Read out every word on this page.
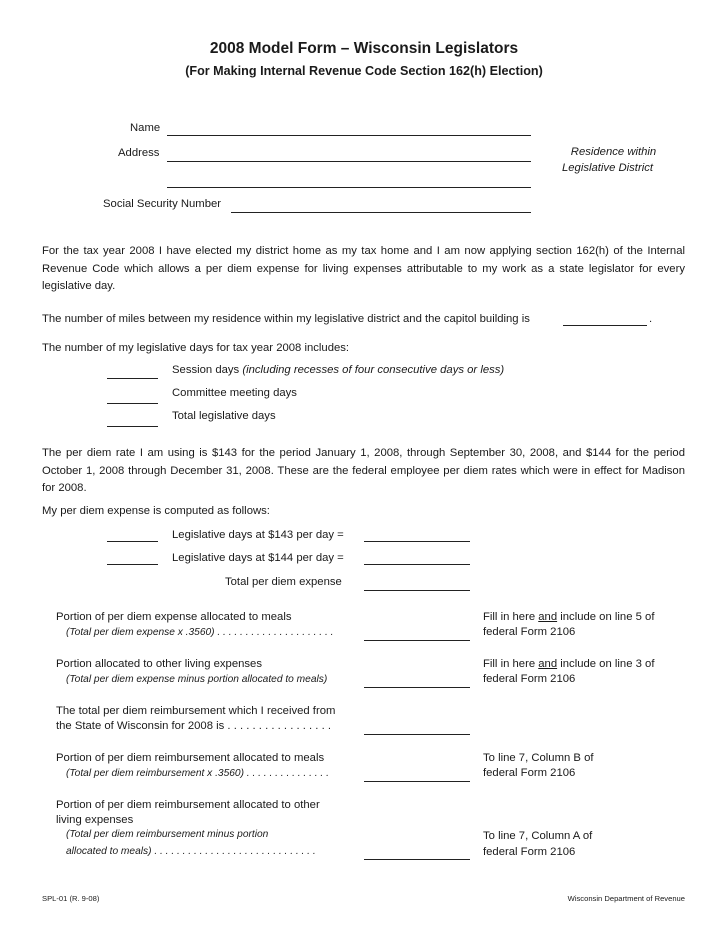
2008 Model Form – Wisconsin Legislators
(For Making Internal Revenue Code Section 162(h) Election)
Name
Address	Residence within
Legislative District
Social Security Number
For the tax year 2008 I have elected my district home as my tax home and I am now applying section 162(h) of the Internal Revenue Code which allows a per diem expense for living expenses attributable to my work as a state legislator for every legislative day.
The number of miles between my residence within my legislative district and the capitol building is	.
The number of my legislative days for tax year 2008 includes:
Session days (including recesses of four consecutive days or less)
Committee meeting days
Total legislative days
The per diem rate I am using is $143 for the period January 1, 2008, through September 30, 2008, and $144 for the period October 1, 2008 through December 31, 2008. These are the federal employee per diem rates which were in effect for Madison for 2008.
My per diem expense is computed as follows:
Legislative days at $143 per day =
Legislative days at $144 per day =
Total per diem expense
Portion of per diem expense allocated to meals
(Total per diem expense x .3560) . . . . . . . . . . . . . . . . . . . . .
Fill in here and include on line 5 of
federal Form 2106
Portion allocated to other living expenses
(Total per diem expense minus portion allocated to meals)
Fill in here and include on line 3 of
federal Form 2106
The total per diem reimbursement which I received from
the State of Wisconsin for 2008 is . . . . . . . . . . . . . . . . .
Portion of per diem reimbursement allocated to meals
(Total per diem reimbursement x .3560) . . . . . . . . . . . . . . .
To line 7, Column B of
federal Form 2106
Portion of per diem reimbursement allocated to other
living expenses
(Total per diem reimbursement minus portion
allocated to meals) . . . . . . . . . . . . . . . . . . . . . . . . . . . . .
To line 7, Column A of
federal Form 2106
SPL-01 (R. 9-08)	Wisconsin Department of Revenue
